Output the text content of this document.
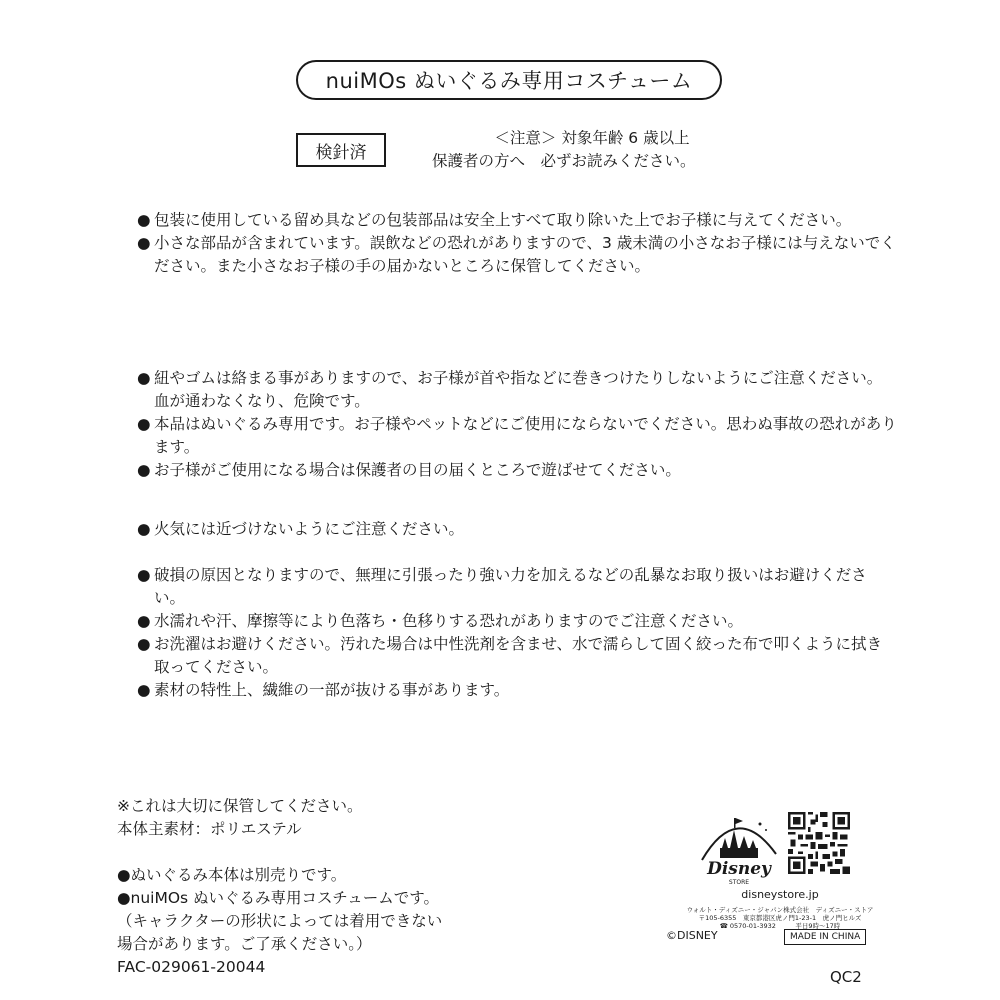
nuiMOs ぬいぐるみ専用コスチューム
検針済
＜注意＞ 対象年齢 6 歳以上
保護者の方へ　必ずお読みください。

● 包装に使用している留め具などの包装部品は安全上すべて取り除いた上でお子様に与えてください。

● 小さな部品が含まれています。誤飲などの恐れがありますので、3 歳未満の小さなお子様には与えないでください。また小さなお子様の手の届かないところに保管してください。

● 紐やゴムは絡まる事がありますので、お子様が首や指などに巻きつけたりしないようにご注意ください。血が通わなくなり、危険です。

● 本品はぬいぐるみ専用です。お子様やペットなどにご使用にならないでください。思わぬ事故の恐れがあります。

● お子様がご使用になる場合は保護者の目の届くところで遊ばせてください。

● 火気には近づけないようにご注意ください。

● 破損の原因となりますので、無理に引張ったり強い力を加えるなどの乱暴なお取り扱いはお避けください。

● 水濡れや汗、摩擦等により色落ち・色移りする恐れがありますのでご注意ください。

● お洗濯はお避けください。汚れた場合は中性洗剤を含ませ、水で濡らして固く絞った布で叩くように拭き取ってください。

● 素材の特性上、繊維の一部が抜ける事があります。

※これは大切に保管してください。

本体主素材：ポリエステル

●ぬいぐるみ本体は別売りです。

●nuiMOs ぬいぐるみ専用コスチュームです。

（キャラクターの形状によっては着用できない

場合があります。ご了承ください。）

FAC-029061-20044

Disney
STORE
disneystore.jp
ウォルト・ディズニー・ジャパン株式会社　ディズニー・ストア
〒105-6355　東京都港区虎ノ門1-23-1　虎ノ門ヒルズ
☎ 0570-01-3932　　　平日9時～17時
©DISNEY	MADE IN CHINA
QC2
